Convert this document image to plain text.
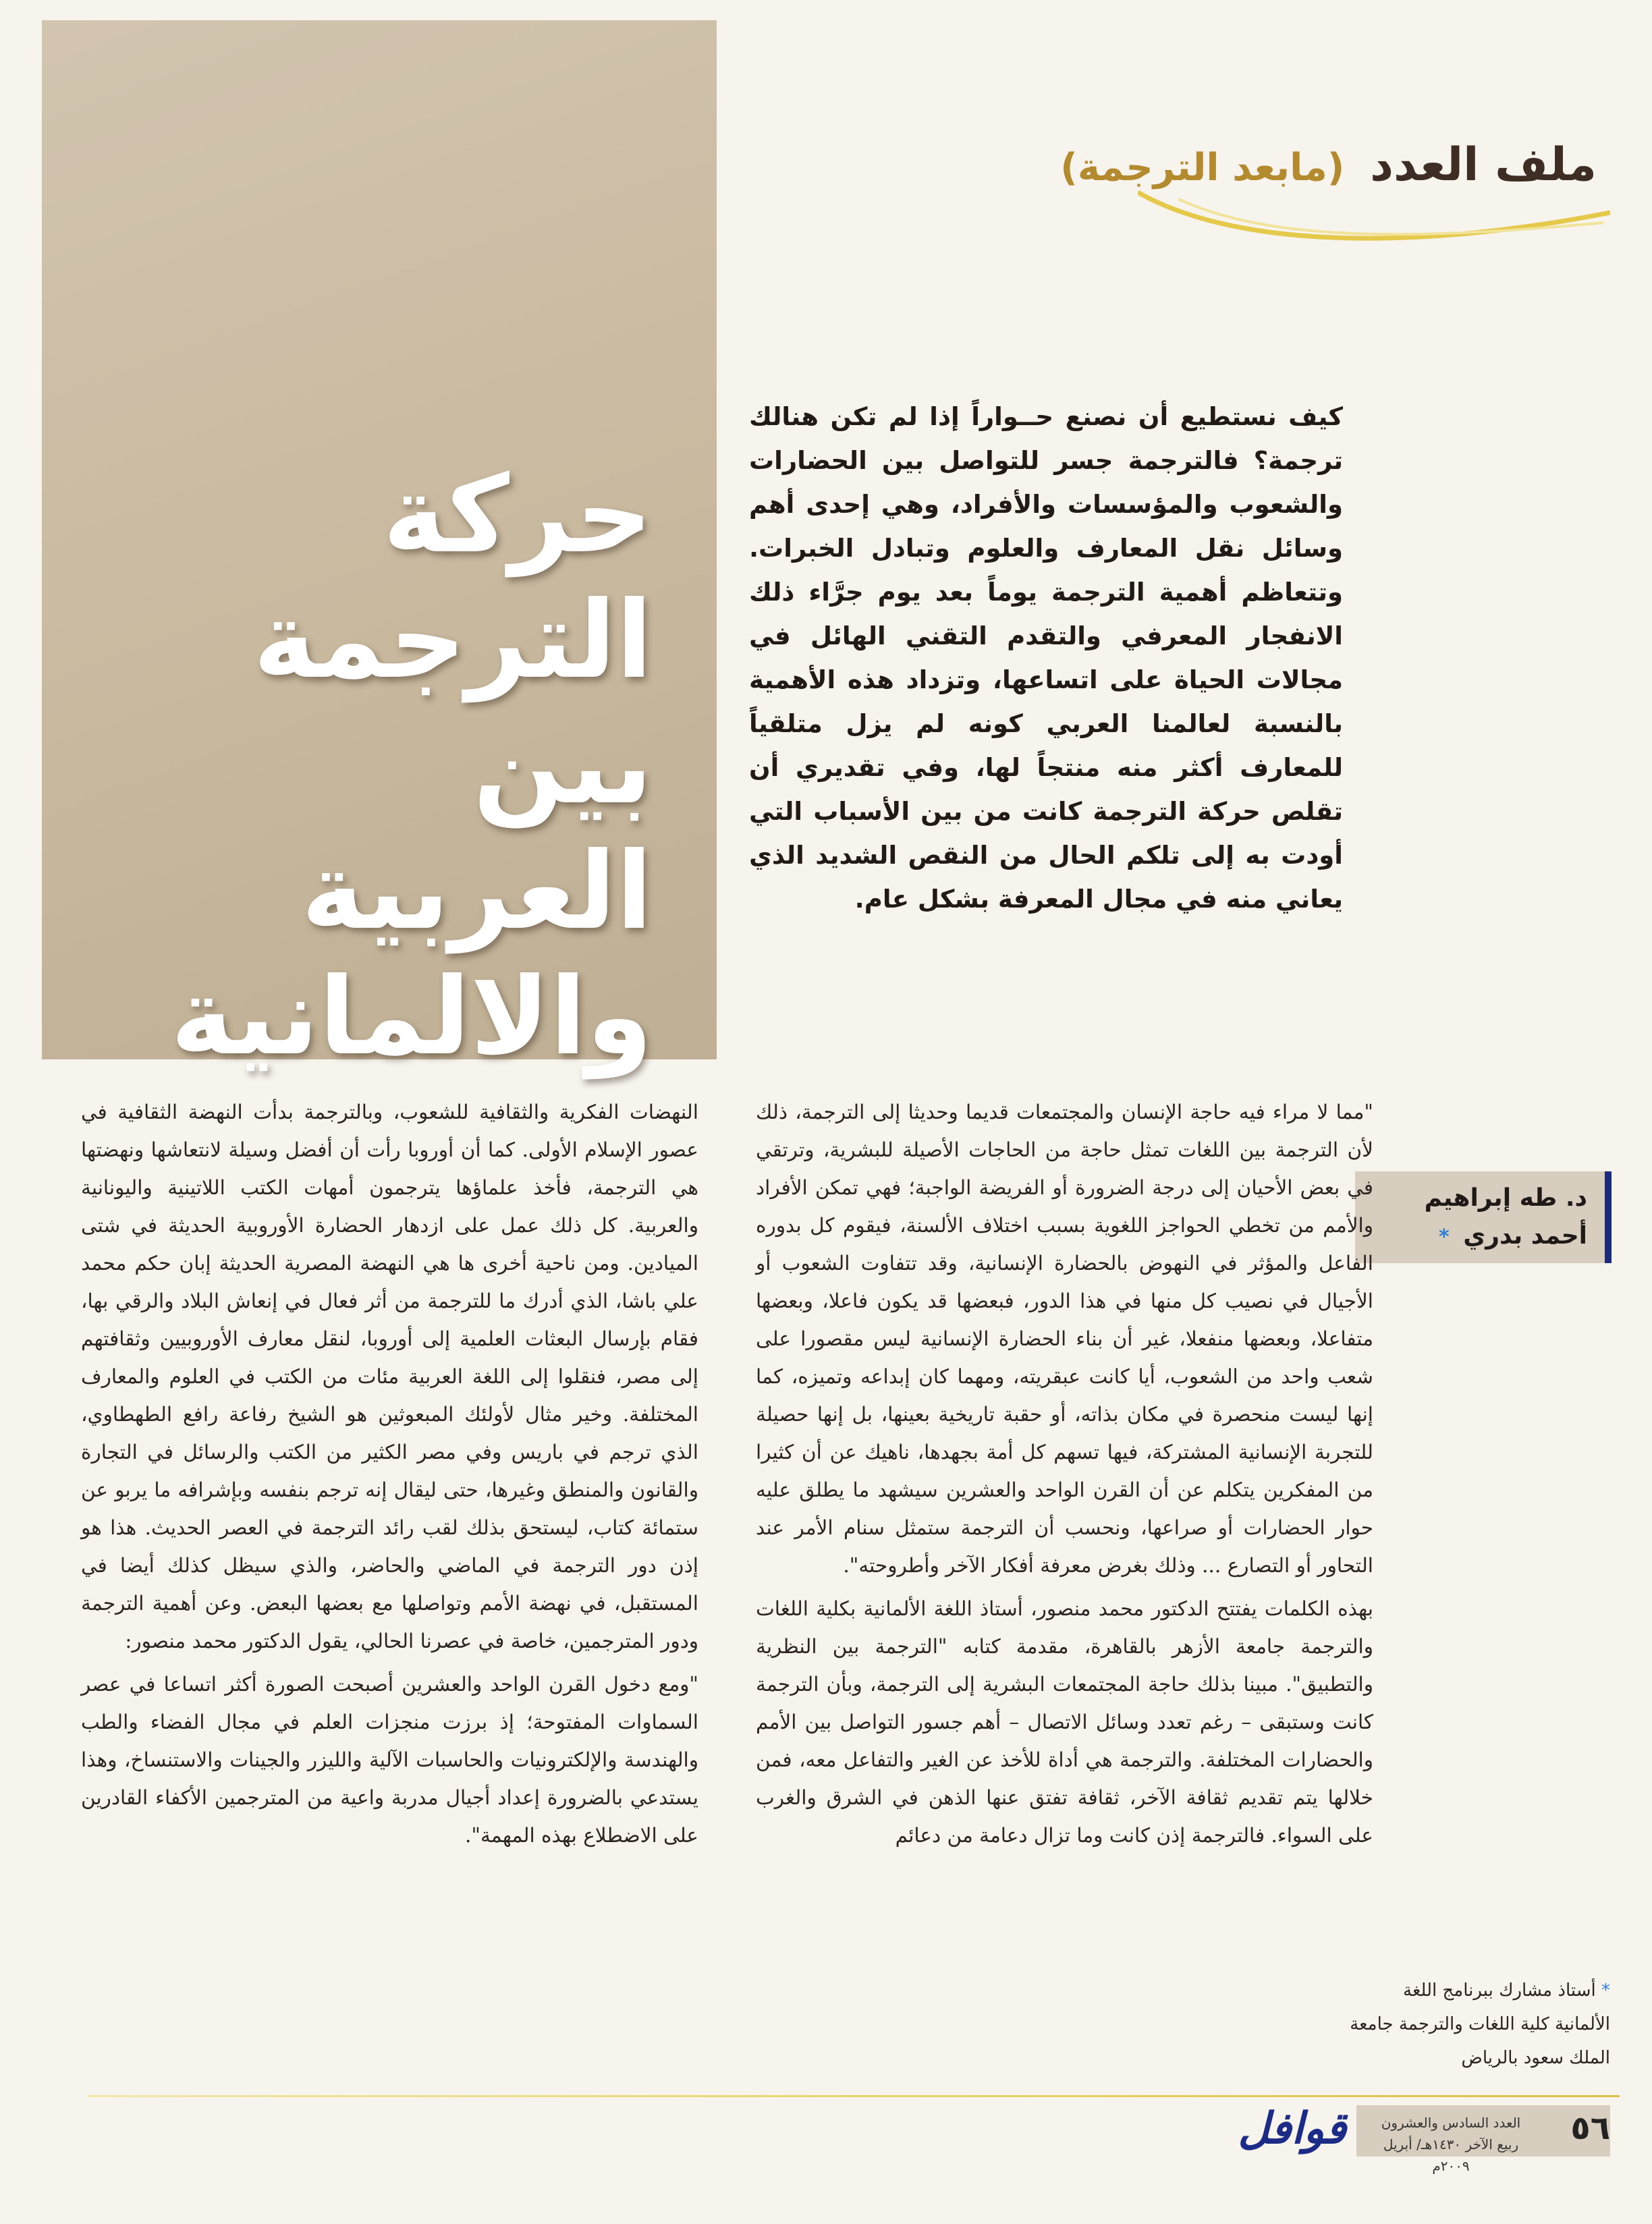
حركة
الترجمة
بين العربية
والالمانية
ملف العدد (مابعد الترجمة)
كيف نستطيع أن نصنع حــواراً إذا لم تكن هنالك ترجمة؟ فالترجمة جسر للتواصل بين الحضارات والشعوب والمؤسسات والأفراد، وهي إحدى أهم وسائل نقل المعارف والعلوم وتبادل الخبرات. وتتعاظم أهمية الترجمة يوماً بعد يوم جرَّاء ذلك الانفجار المعرفي والتقدم التقني الهائل في مجالات الحياة على اتساعها، وتزداد هذه الأهمية بالنسبة لعالمنا العربي كونه لم يزل متلقياً للمعارف أكثر منه منتجاً لها، وفي تقديري أن تقلص حركة الترجمة كانت من بين الأسباب التي أودت به إلى تلكم الحال من النقص الشديد الذي يعاني منه في مجال المعرفة بشكل عام.
د. طه إبراهيم
أحمد بدري *

"مما لا مراء فيه حاجة الإنسان والمجتمعات قديما وحديثا إلى الترجمة، ذلك لأن الترجمة بين اللغات تمثل حاجة من الحاجات الأصيلة للبشرية، وترتقي في بعض الأحيان إلى درجة الضرورة أو الفريضة الواجبة؛ فهي تمكن الأفراد والأمم من تخطي الحواجز اللغوية بسبب اختلاف الألسنة، فيقوم كل بدوره الفاعل والمؤثر في النهوض بالحضارة الإنسانية، وقد تتفاوت الشعوب أو الأجيال في نصيب كل منها في هذا الدور، فبعضها قد يكون فاعلا، وبعضها متفاعلا، وبعضها منفعلا، غير أن بناء الحضارة الإنسانية ليس مقصورا على شعب واحد من الشعوب، أيا كانت عبقريته، ومهما كان إبداعه وتميزه، كما إنها ليست منحصرة في مكان بذاته، أو حقبة تاريخية بعينها، بل إنها حصيلة للتجربة الإنسانية المشتركة، فيها تسهم كل أمة بجهدها، ناهيك عن أن كثيرا من المفكرين يتكلم عن أن القرن الواحد والعشرين سيشهد ما يطلق عليه حوار الحضارات أو صراعها، ونحسب أن الترجمة ستمثل سنام الأمر عند التحاور أو التصارع ... وذلك بغرض معرفة أفكار الآخر وأطروحته".

بهذه الكلمات يفتتح الدكتور محمد منصور، أستاذ اللغة الألمانية بكلية اللغات والترجمة جامعة الأزهر بالقاهرة، مقدمة كتابه "الترجمة بين النظرية والتطبيق". مبينا بذلك حاجة المجتمعات البشرية إلى الترجمة، وبأن الترجمة كانت وستبقى – رغم تعدد وسائل الاتصال – أهم جسور التواصل بين الأمم والحضارات المختلفة. والترجمة هي أداة للأخذ عن الغير والتفاعل معه، فمن خلالها يتم تقديم ثقافة الآخر، ثقافة تفتق عنها الذهن في الشرق والغرب على السواء. فالترجمة إذن كانت وما تزال دعامة من دعائم

النهضات الفكرية والثقافية للشعوب، وبالترجمة بدأت النهضة الثقافية في عصور الإسلام الأولى. كما أن أوروبا رأت أن أفضل وسيلة لانتعاشها ونهضتها هي الترجمة، فأخذ علماؤها يترجمون أمهات الكتب اللاتينية واليونانية والعربية. كل ذلك عمل على ازدهار الحضارة الأوروبية الحديثة في شتى الميادين. ومن ناحية أخرى ها هي النهضة المصرية الحديثة إبان حكم محمد علي باشا، الذي أدرك ما للترجمة من أثر فعال في إنعاش البلاد والرقي بها، فقام بإرسال البعثات العلمية إلى أوروبا، لنقل معارف الأوروبيين وثقافتهم إلى مصر، فنقلوا إلى اللغة العربية مئات من الكتب في العلوم والمعارف المختلفة. وخير مثال لأولئك المبعوثين هو الشيخ رفاعة رافع الطهطاوي، الذي ترجم في باريس وفي مصر الكثير من الكتب والرسائل في التجارة والقانون والمنطق وغيرها، حتى ليقال إنه ترجم بنفسه وبإشرافه ما يربو عن ستمائة كتاب، ليستحق بذلك لقب رائد الترجمة في العصر الحديث. هذا هو إذن دور الترجمة في الماضي والحاضر، والذي سيظل كذلك أيضا في المستقبل، في نهضة الأمم وتواصلها مع بعضها البعض. وعن أهمية الترجمة ودور المترجمين، خاصة في عصرنا الحالي، يقول الدكتور محمد منصور:

"ومع دخول القرن الواحد والعشرين أصبحت الصورة أكثر اتساعا في عصر السماوات المفتوحة؛ إذ برزت منجزات العلم في مجال الفضاء والطب والهندسة والإلكترونيات والحاسبات الآلية والليزر والجينات والاستنساخ، وهذا يستدعي بالضرورة إعداد أجيال مدربة واعية من المترجمين الأكفاء القادرين على الاضطلاع بهذه المهمة".

* أستاذ مشارك ببرنامج اللغة الألمانية كلية اللغات والترجمة جامعة الملك سعود بالرياض
٥٦
العدد السادس والعشرون
ربيع الآخر ١٤٣٠هـ/ أبريل ٢٠٠٩م
قوافل
